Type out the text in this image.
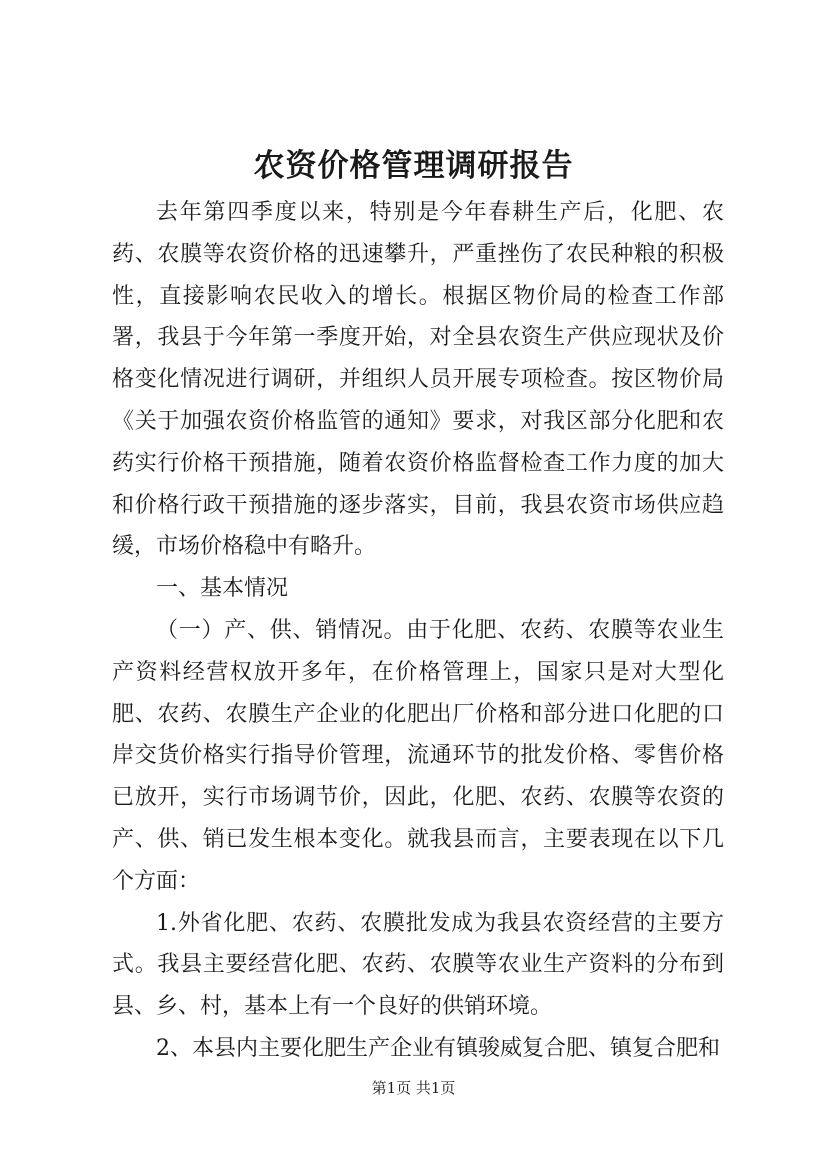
农资价格管理调研报告

去年第四季度以来，特别是今年春耕生产后，化肥、农药、农膜等农资价格的迅速攀升，严重挫伤了农民种粮的积极性，直接影响农民收入的增长。根据区物价局的检查工作部署，我县于今年第一季度开始，对全县农资生产供应现状及价格变化情况进行调研，并组织人员开展专项检查。按区物价局《关于加强农资价格监管的通知》要求，对我区部分化肥和农药实行价格干预措施，随着农资价格监督检查工作力度的加大和价格行政干预措施的逐步落实，目前，我县农资市场供应趋缓，市场价格稳中有略升。

一、基本情况

（一）产、供、销情况。由于化肥、农药、农膜等农业生产资料经营权放开多年，在价格管理上，国家只是对大型化肥、农药、农膜生产企业的化肥出厂价格和部分进口化肥的口岸交货价格实行指导价管理，流通环节的批发价格、零售价格已放开，实行市场调节价，因此，化肥、农药、农膜等农资的产、供、销已发生根本变化。就我县而言，主要表现在以下几个方面：

1.外省化肥、农药、农膜批发成为我县农资经营的主要方式。我县主要经营化肥、农药、农膜等农业生产资料的分布到县、乡、村，基本上有一个良好的供销环境。

2、本县内主要化肥生产企业有镇骏威复合肥、镇复合肥和

第1页 共1页
